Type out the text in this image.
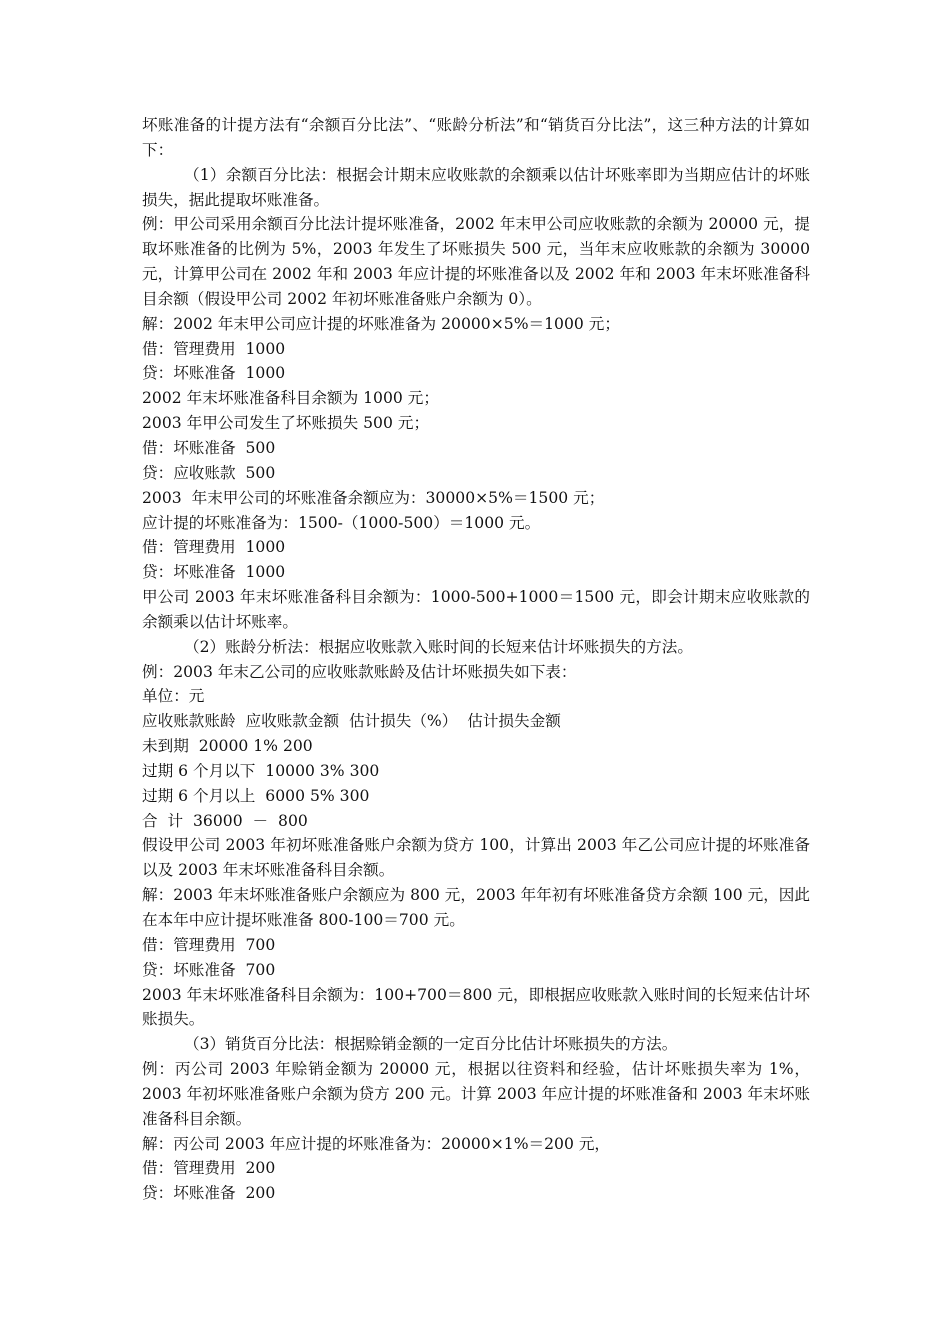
坏账准备的计提方法有“余额百分比法”、“账龄分析法”和“销货百分比法”，这三种方法的计算如下：

（1）余额百分比法：根据会计期末应收账款的余额乘以估计坏账率即为当期应估计的坏账损失，据此提取坏账准备。

例：甲公司采用余额百分比法计提坏账准备，2002 年末甲公司应收账款的余额为 20000 元，提取坏账准备的比例为 5%，2003 年发生了坏账损失 500 元，当年末应收账款的余额为 30000 元，计算甲公司在 2002 年和 2003 年应计提的坏账准备以及 2002 年和 2003 年末坏账准备科目余额（假设甲公司 2002 年初坏账准备账户余额为 0）。

解：2002 年末甲公司应计提的坏账准备为 20000×5%＝1000 元；

借：管理费用  1000

贷：坏账准备  1000

2002 年末坏账准备科目余额为 1000 元；

2003 年甲公司发生了坏账损失 500 元；

借：坏账准备  500

贷：应收账款  500

2003  年末甲公司的坏账准备余额应为：30000×5%＝1500 元；

应计提的坏账准备为：1500-（1000-500）＝1000 元。

借：管理费用  1000

贷：坏账准备  1000

甲公司 2003 年末坏账准备科目余额为：1000-500+1000＝1500 元，即会计期末应收账款的余额乘以估计坏账率。

（2）账龄分析法：根据应收账款入账时间的长短来估计坏账损失的方法。

例：2003 年末乙公司的应收账款账龄及估计坏账损失如下表：

单位：元

应收账款账龄  应收账款金额  估计损失（%）  估计损失金额

未到期  20000 1% 200

过期 6 个月以下  10000 3% 300

过期 6 个月以上  6000 5% 300

合  计  36000  －  800

假设甲公司 2003 年初坏账准备账户余额为贷方 100，计算出 2003 年乙公司应计提的坏账准备以及 2003 年末坏账准备科目余额。

解：2003 年末坏账准备账户余额应为 800 元，2003 年年初有坏账准备贷方余额 100 元，因此在本年中应计提坏账准备 800-100＝700 元。

借：管理费用  700

贷：坏账准备  700

2003 年末坏账准备科目余额为：100+700＝800 元，即根据应收账款入账时间的长短来估计坏账损失。

（3）销货百分比法：根据赊销金额的一定百分比估计坏账损失的方法。

例：丙公司 2003 年赊销金额为 20000 元，根据以往资料和经验，估计坏账损失率为 1%，2003 年初坏账准备账户余额为贷方 200 元。计算 2003 年应计提的坏账准备和 2003 年末坏账准备科目余额。

解：丙公司 2003 年应计提的坏账准备为：20000×1%＝200 元，

借：管理费用  200

贷：坏账准备  200
